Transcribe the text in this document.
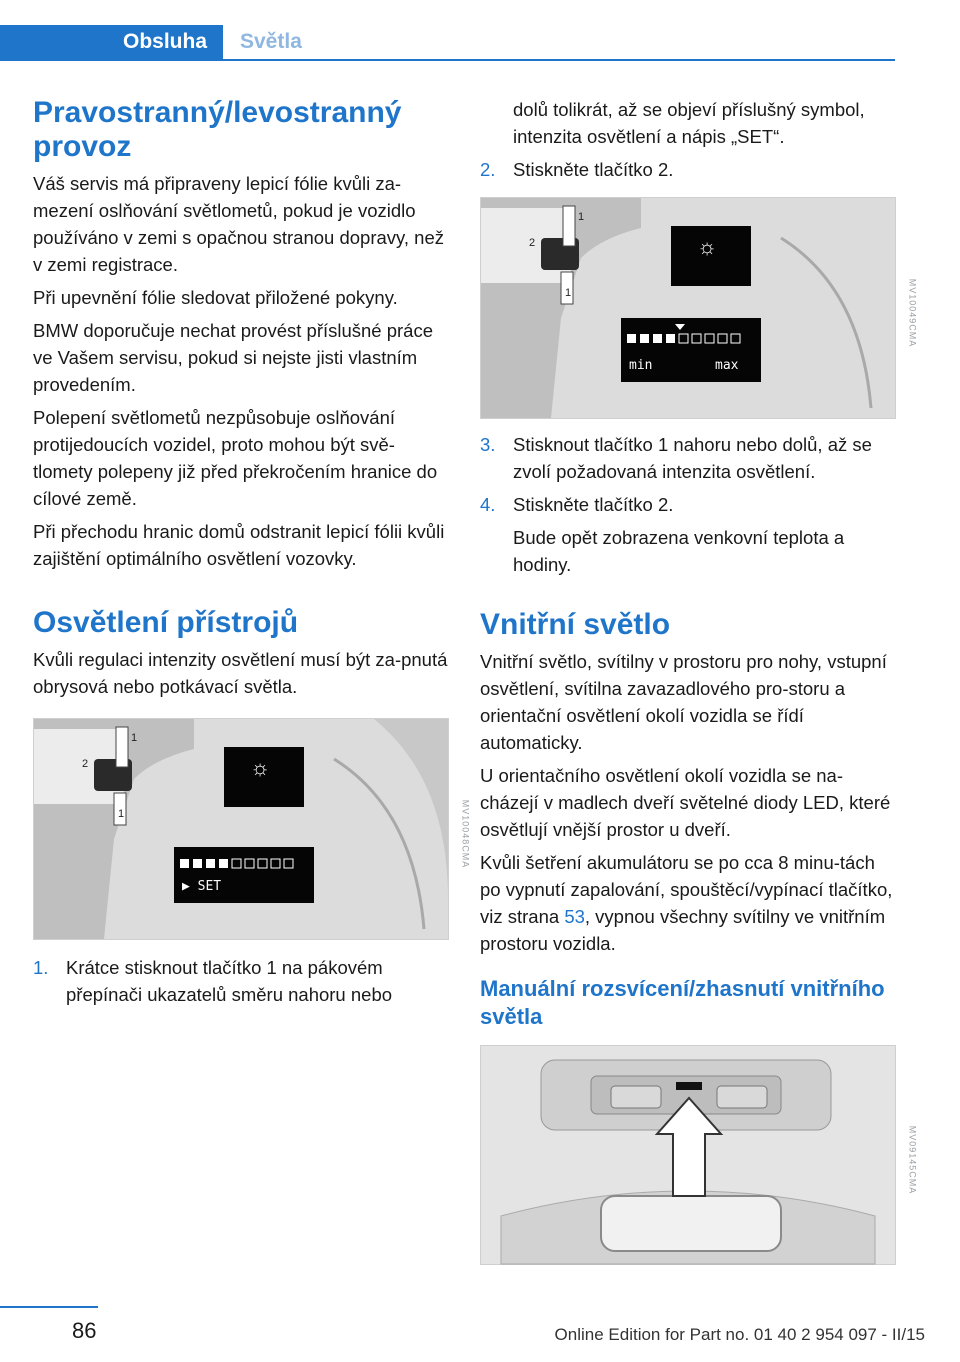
Obsluha	Světla
Pravostranný/levostranný provoz

Váš servis má připraveny lepicí fólie kvůli za‐mezení oslňování světlometů, pokud je vozidlo používáno v zemi s opačnou stranou dopravy, než v zemi registrace.

Při upevnění fólie sledovat přiložené pokyny.

BMW doporučuje nechat provést příslušné práce ve Vašem servisu, pokud si nejste jisti vlastním provedením.

Polepení světlometů nezpůsobuje oslňování protijedoucích vozidel, proto mohou být svě‐tlomety polepeny již před překročením hranice do cílové země.

Při přechodu hranic domů odstranit lepicí fólii kvůli zajištění optimálního osvětlení vozovky.

Osvětlení přístrojů

Kvůli regulaci intenzity osvětlení musí být za‐pnutá obrysová nebo potkávací světla.

1
2
1
☼
▶ SET
MV10048CMA
1. Krátce stisknout tlačítko 1 na pákovém přepínači ukazatelů směru nahoru nebo

dolů tolikrát, až se objeví příslušný symbol, intenzita osvětlení a nápis „SET“.

2. Stiskněte tlačítko 2.
1
2
1
☼
min	max
MV10049CMA
3. Stisknout tlačítko 1 nahoru nebo dolů, až se zvolí požadovaná intenzita osvětlení.
4. Stiskněte tlačítko 2.

Bude opět zobrazena venkovní teplota a hodiny.

Vnitřní světlo

Vnitřní světlo, svítilny v prostoru pro nohy, vstupní osvětlení, svítilna zavazadlového pro‐storu a orientační osvětlení okolí vozidla se řídí automaticky.

U orientačního osvětlení okolí vozidla se na‐cházejí v madlech dveří světelné diody LED, které osvětlují vnější prostor u dveří.

Kvůli šetření akumulátoru se po cca 8 minu‐tách po vypnutí zapalování, spouštěcí/vypínací tlačítko, viz strana 53, vypnou všechny svítilny ve vnitřním prostoru vozidla.

Manuální rozsvícení/zhasnutí vnitřního světla
MV09145CMA
86	Online Edition for Part no. 01 40 2 954 097 - II/15
